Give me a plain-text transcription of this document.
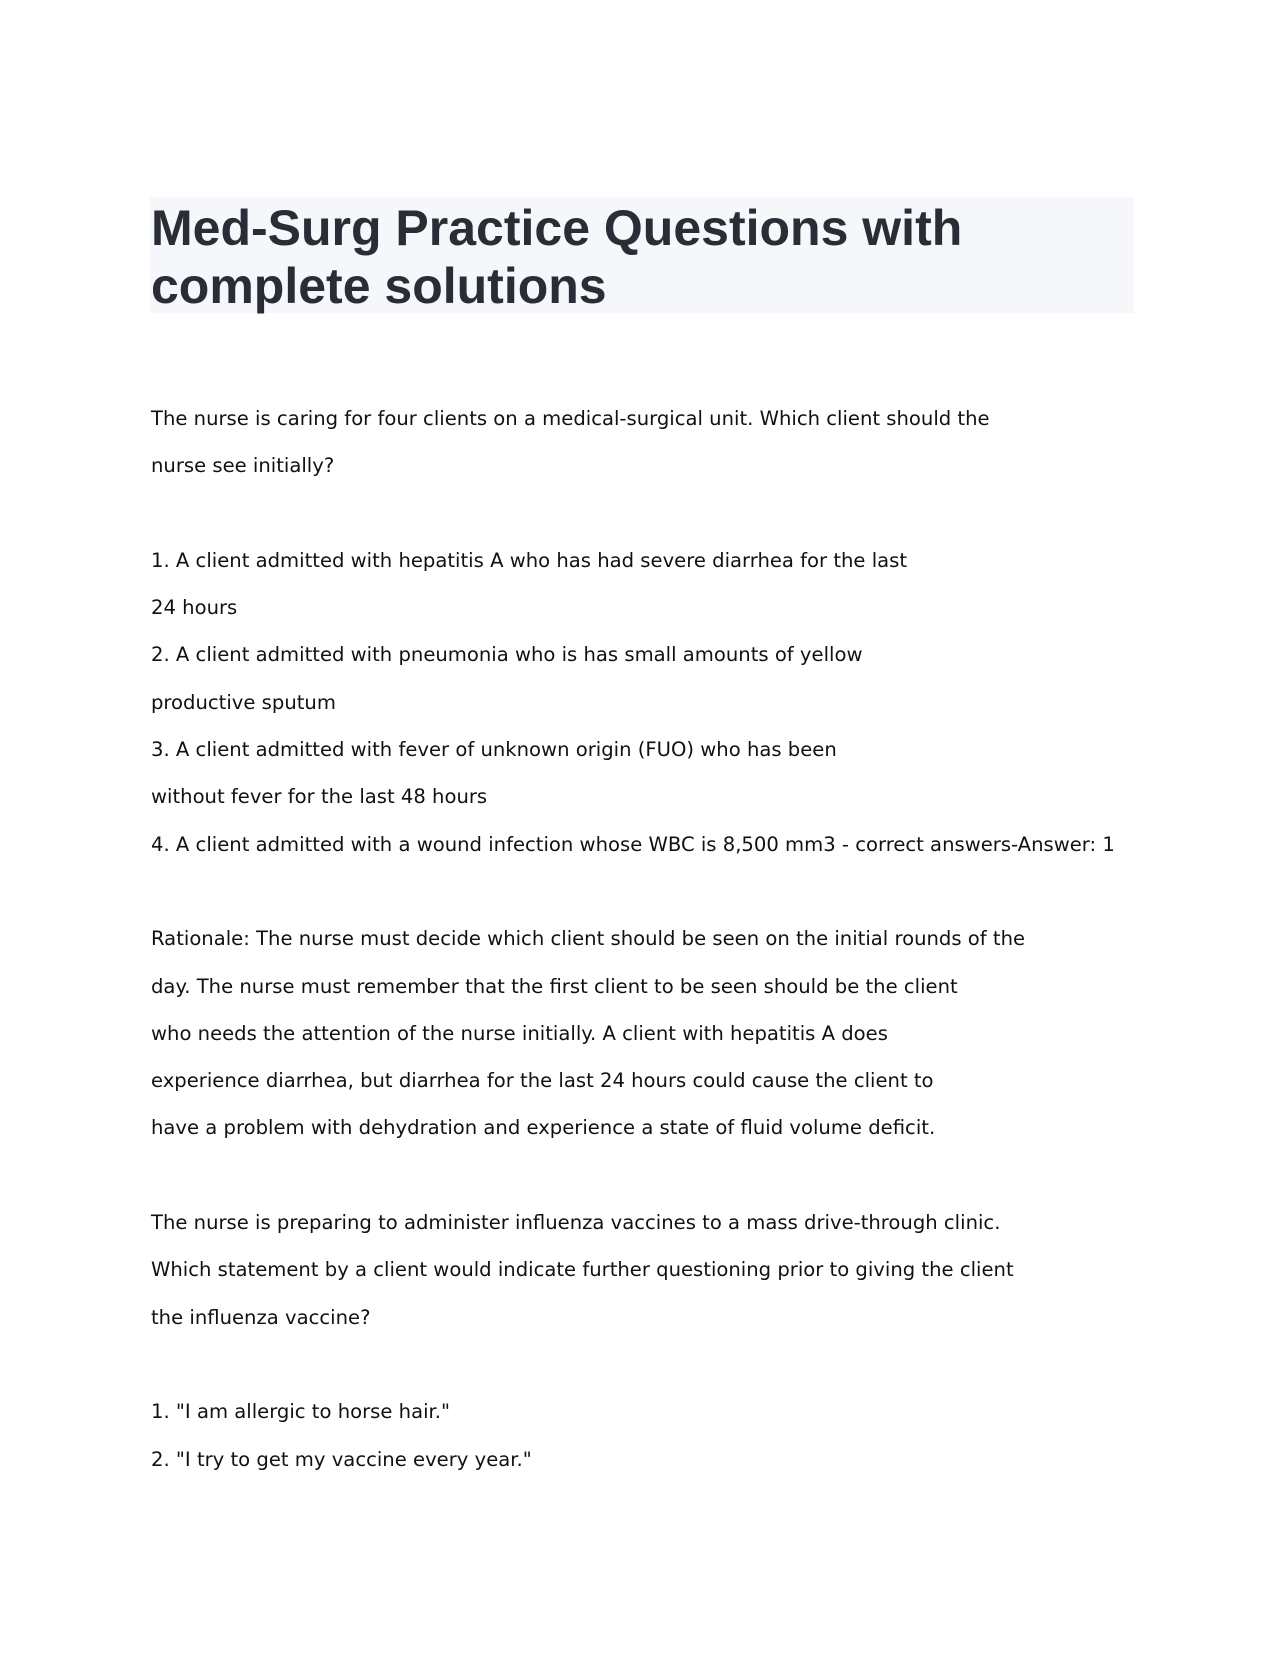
Med-Surg Practice Questions with
complete solutions
The nurse is caring for four clients on a medical-surgical unit. Which client should the
nurse see initially?
1. A client admitted with hepatitis A who has had severe diarrhea for the last
24 hours
2. A client admitted with pneumonia who is has small amounts of yellow
productive sputum
3. A client admitted with fever of unknown origin (FUO) who has been
without fever for the last 48 hours
4. A client admitted with a wound infection whose WBC is 8,500 mm3 - correct answers-Answer: 1
Rationale: The nurse must decide which client should be seen on the initial rounds of the
day. The nurse must remember that the first client to be seen should be the client
who needs the attention of the nurse initially. A client with hepatitis A does
experience diarrhea, but diarrhea for the last 24 hours could cause the client to
have a problem with dehydration and experience a state of fluid volume deficit.
The nurse is preparing to administer influenza vaccines to a mass drive-through clinic.
Which statement by a client would indicate further questioning prior to giving the client
the influenza vaccine?
1. "I am allergic to horse hair."
2. "I try to get my vaccine every year."
